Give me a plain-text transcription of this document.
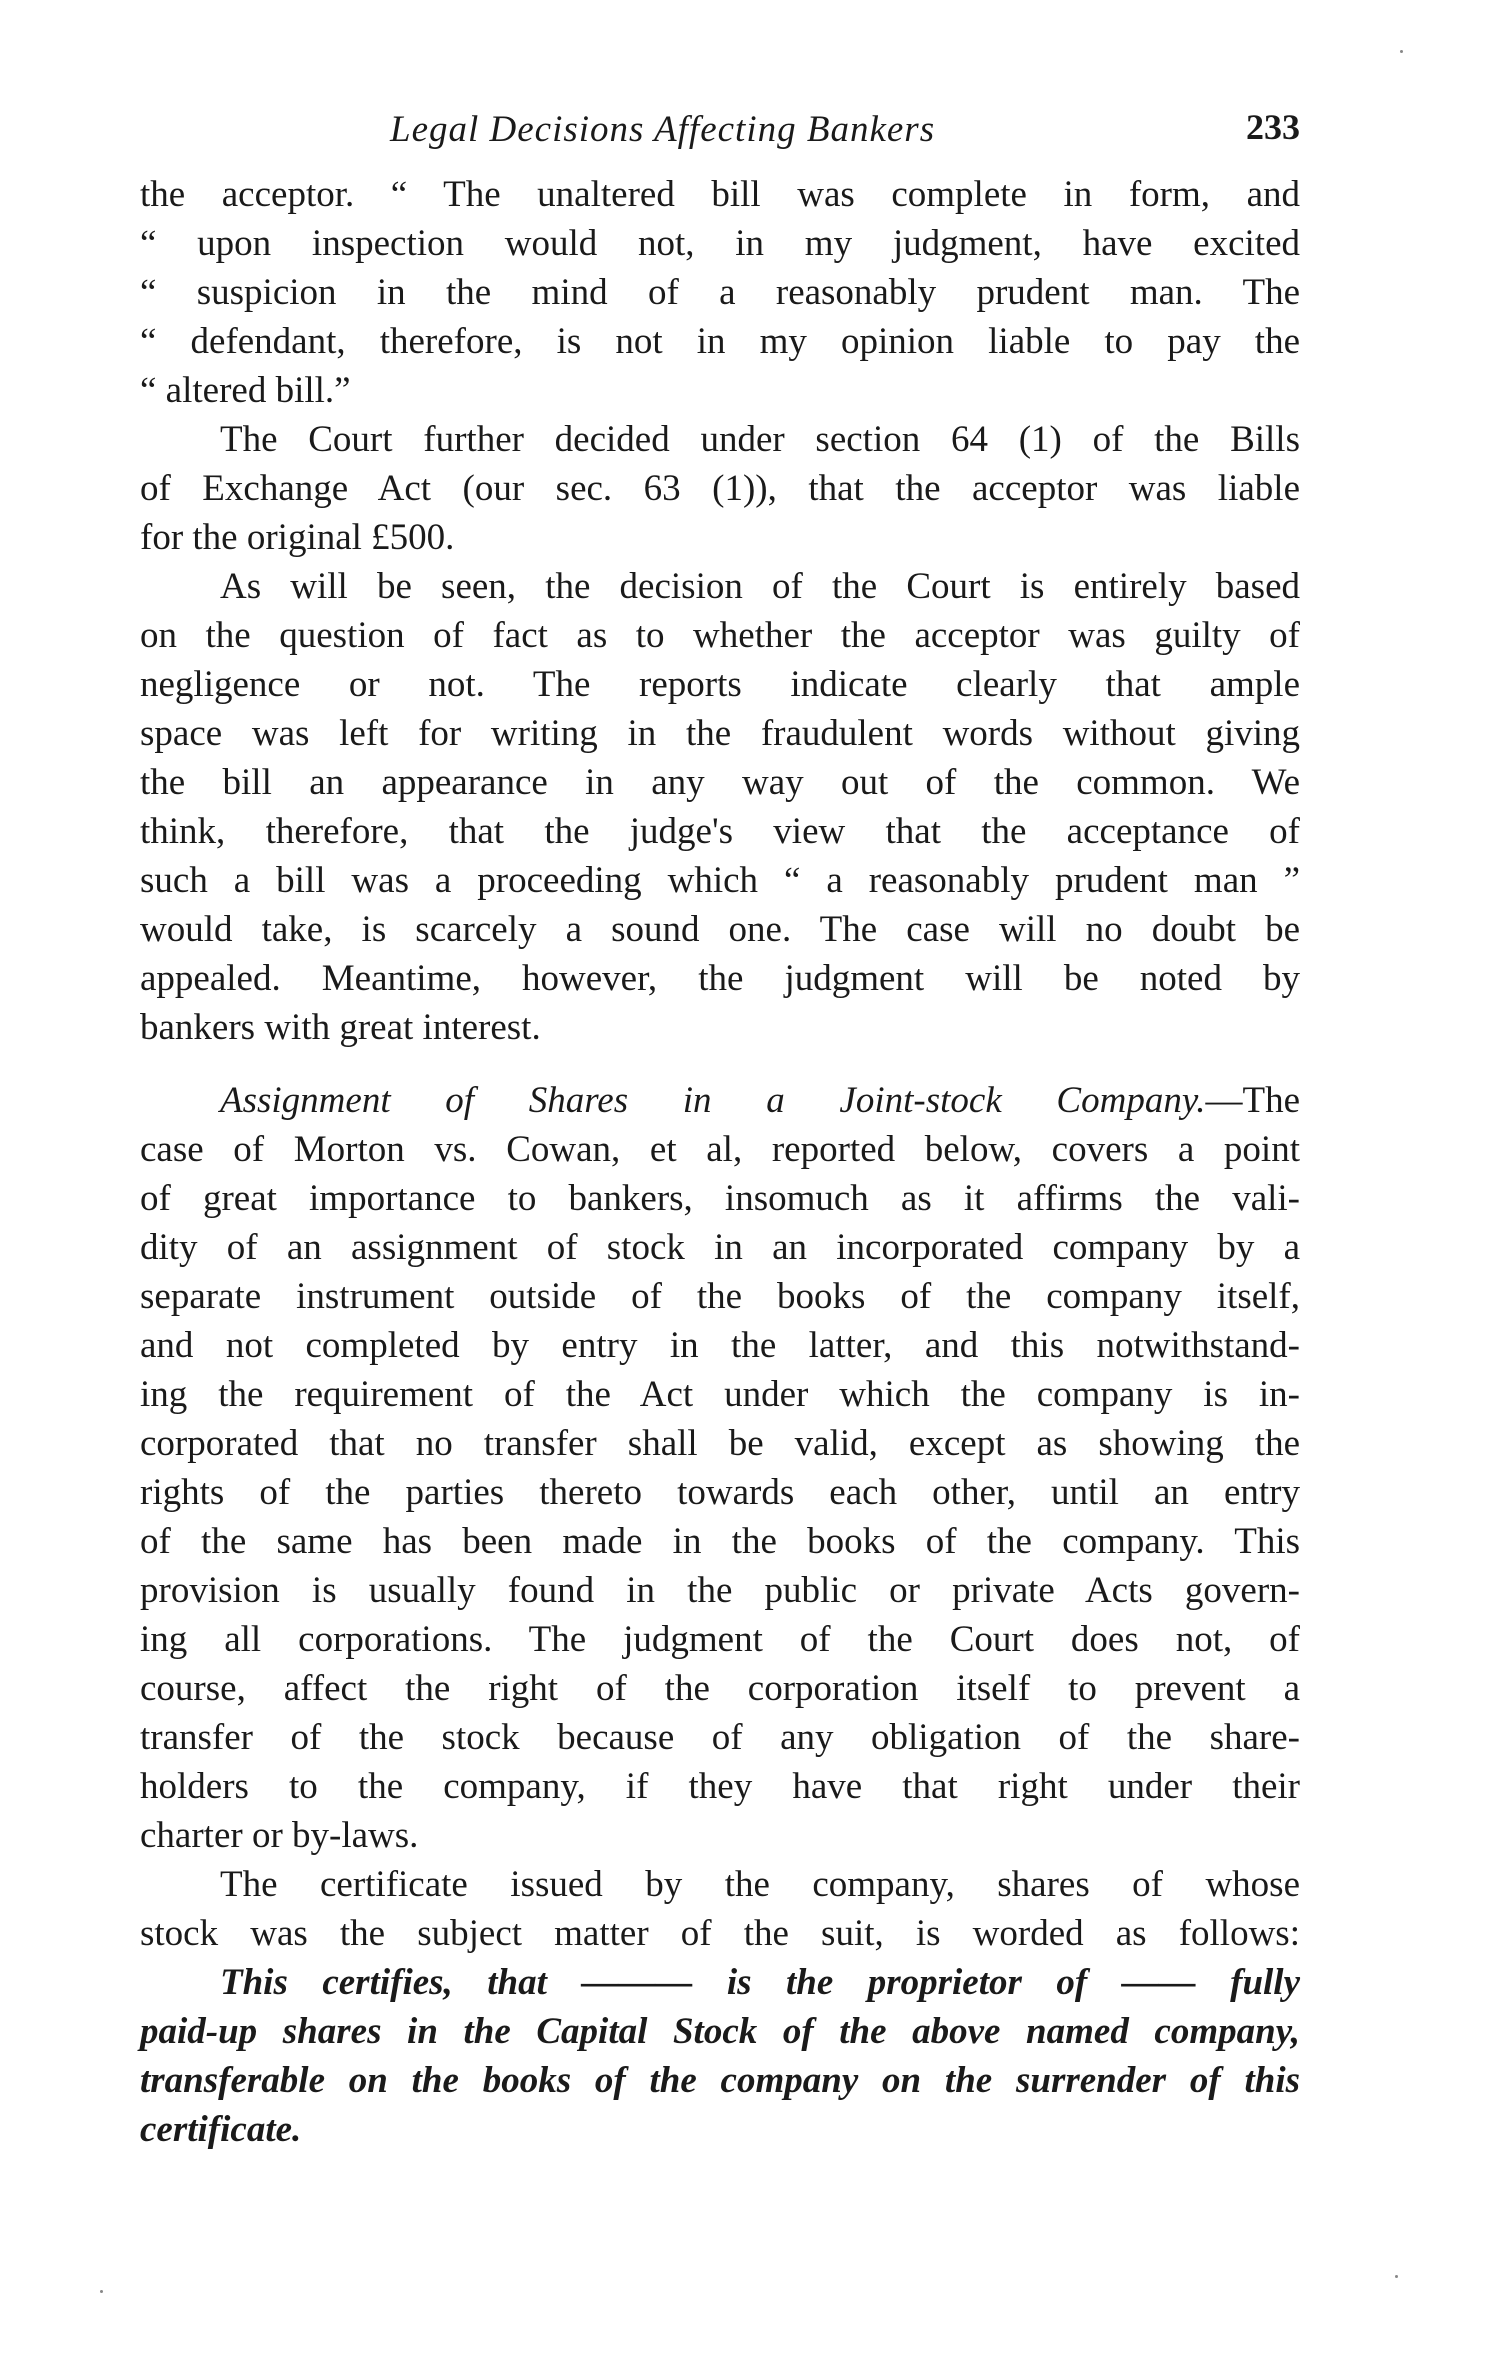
Legal Decisions Affecting Bankers	233

the acceptor. “ The unaltered bill was complete in form, and
“ upon inspection would not, in my judgment, have excited
“ suspicion in the mind of a reasonably prudent man. The
“ defendant, therefore, is not in my opinion liable to pay the
“ altered bill.”

The Court further decided under section 64 (1) of the Bills
of Exchange Act (our sec. 63 (1)), that the acceptor was liable
for the original £500.

As will be seen, the decision of the Court is entirely based
on the question of fact as to whether the acceptor was guilty of
negligence or not. The reports indicate clearly that ample
space was left for writing in the fraudulent words without giving
the bill an appearance in any way out of the common. We
think, therefore, that the judge's view that the acceptance of
such a bill was a proceeding which “ a reasonably prudent man ”
would take, is scarcely a sound one. The case will no doubt be
appealed. Meantime, however, the judgment will be noted by
bankers with great interest.

Assignment of Shares in a Joint-stock Company.—The
case of Morton vs. Cowan, et al, reported below, covers a point
of great importance to bankers, insomuch as it affirms the vali-
dity of an assignment of stock in an incorporated company by a
separate instrument outside of the books of the company itself,
and not completed by entry in the latter, and this notwithstand-
ing the requirement of the Act under which the company is in-
corporated that no transfer shall be valid, except as showing the
rights of the parties thereto towards each other, until an entry
of the same has been made in the books of the company. This
provision is usually found in the public or private Acts govern-
ing all corporations. The judgment of the Court does not, of
course, affect the right of the corporation itself to prevent a
transfer of the stock because of any obligation of the share-
holders to the company, if they have that right under their
charter or by-laws.

The certificate issued by the company, shares of whose
stock was the subject matter of the suit, is worded as follows:

This certifies, that ——— is the proprietor of —— fully
paid-up shares in the Capital Stock of the above named company,
transferable on the books of the company on the surrender of this
certificate.
